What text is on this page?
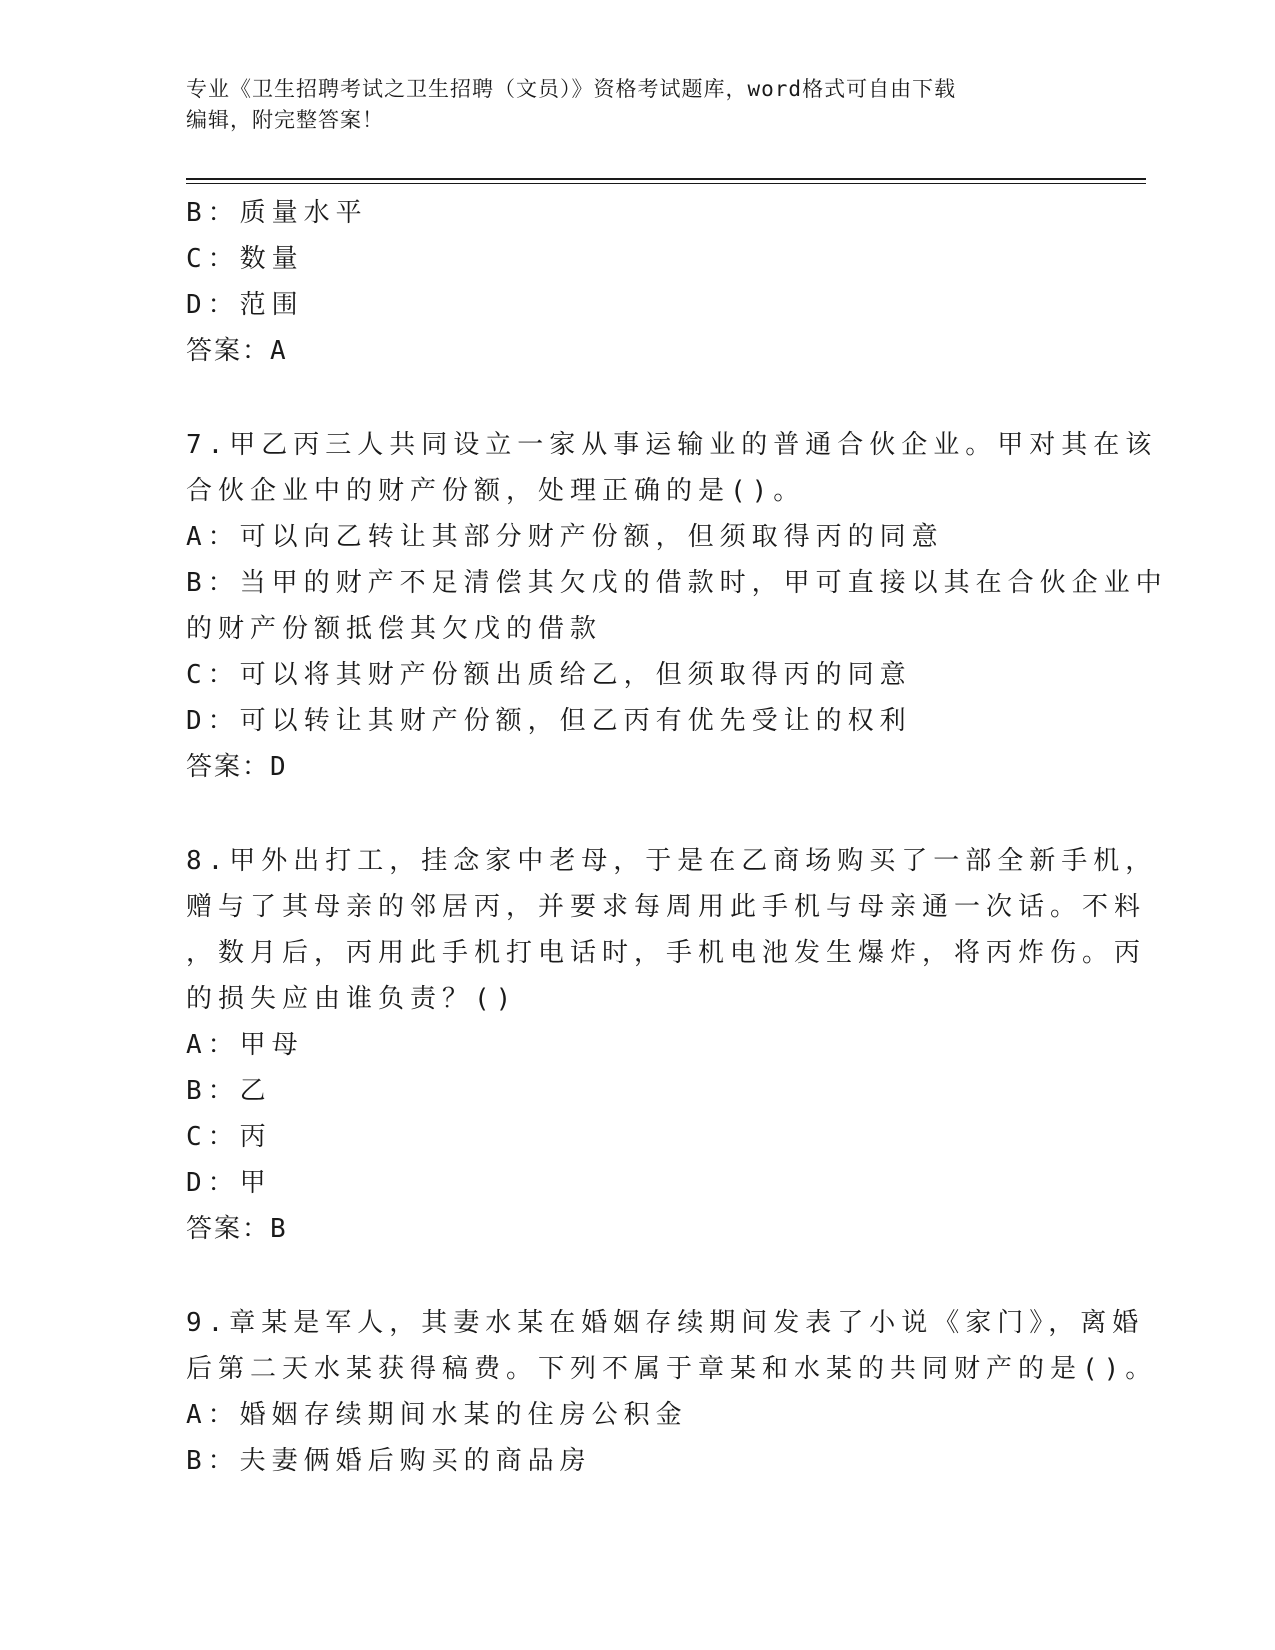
专业《卫生招聘考试之卫生招聘（文员）》资格考试题库，word格式可自由下载
编辑，附完整答案！
B：质量水平
C：数量
D：范围
答案：A
7.甲乙丙三人共同设立一家从事运输业的普通合伙企业。甲对其在该
合伙企业中的财产份额，处理正确的是()。
A：可以向乙转让其部分财产份额，但须取得丙的同意
B：当甲的财产不足清偿其欠戊的借款时，甲可直接以其在合伙企业中
的财产份额抵偿其欠戊的借款
C：可以将其财产份额出质给乙，但须取得丙的同意
D：可以转让其财产份额，但乙丙有优先受让的权利
答案：D
8.甲外出打工，挂念家中老母，于是在乙商场购买了一部全新手机，
赠与了其母亲的邻居丙，并要求每周用此手机与母亲通一次话。不料
，数月后，丙用此手机打电话时，手机电池发生爆炸，将丙炸伤。丙
的损失应由谁负责？()
A：甲母
B：乙
C：丙
D：甲
答案：B
9.章某是军人，其妻水某在婚姻存续期间发表了小说《家门》，离婚
后第二天水某获得稿费。下列不属于章某和水某的共同财产的是()。
A：婚姻存续期间水某的住房公积金
B：夫妻俩婚后购买的商品房
